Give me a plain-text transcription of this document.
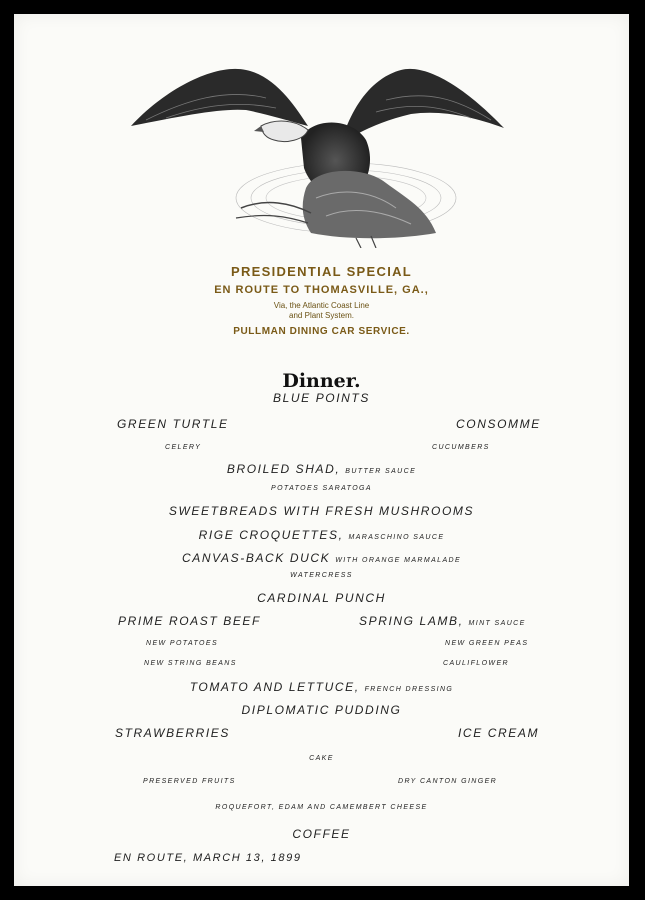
PRESIDENTIAL SPECIAL
EN ROUTE TO THOMASVILLE, GA.,
Via, the Atlantic Coast Line
and Plant System.
PULLMAN DINING CAR SERVICE.
Dinner.
BLUE POINTS
GREEN TURTLE	CONSOMME
CELERY	CUCUMBERS
BROILED SHAD, BUTTER SAUCE
POTATOES SARATOGA
SWEETBREADS WITH FRESH MUSHROOMS
RIGE CROQUETTES, MARASCHINO SAUCE
CANVAS-BACK DUCK WITH ORANGE MARMALADE
WATERCRESS
CARDINAL PUNCH
PRIME ROAST BEEF	SPRING LAMB, MINT SAUCE
NEW POTATOES	NEW GREEN PEAS
NEW STRING BEANS	CAULIFLOWER
TOMATO AND LETTUCE, FRENCH DRESSING
DIPLOMATIC PUDDING
STRAWBERRIES	ICE CREAM
CAKE
PRESERVED FRUITS	DRY CANTON GINGER
ROQUEFORT, EDAM AND CAMEMBERT CHEESE
COFFEE
EN ROUTE, MARCH 13, 1899
